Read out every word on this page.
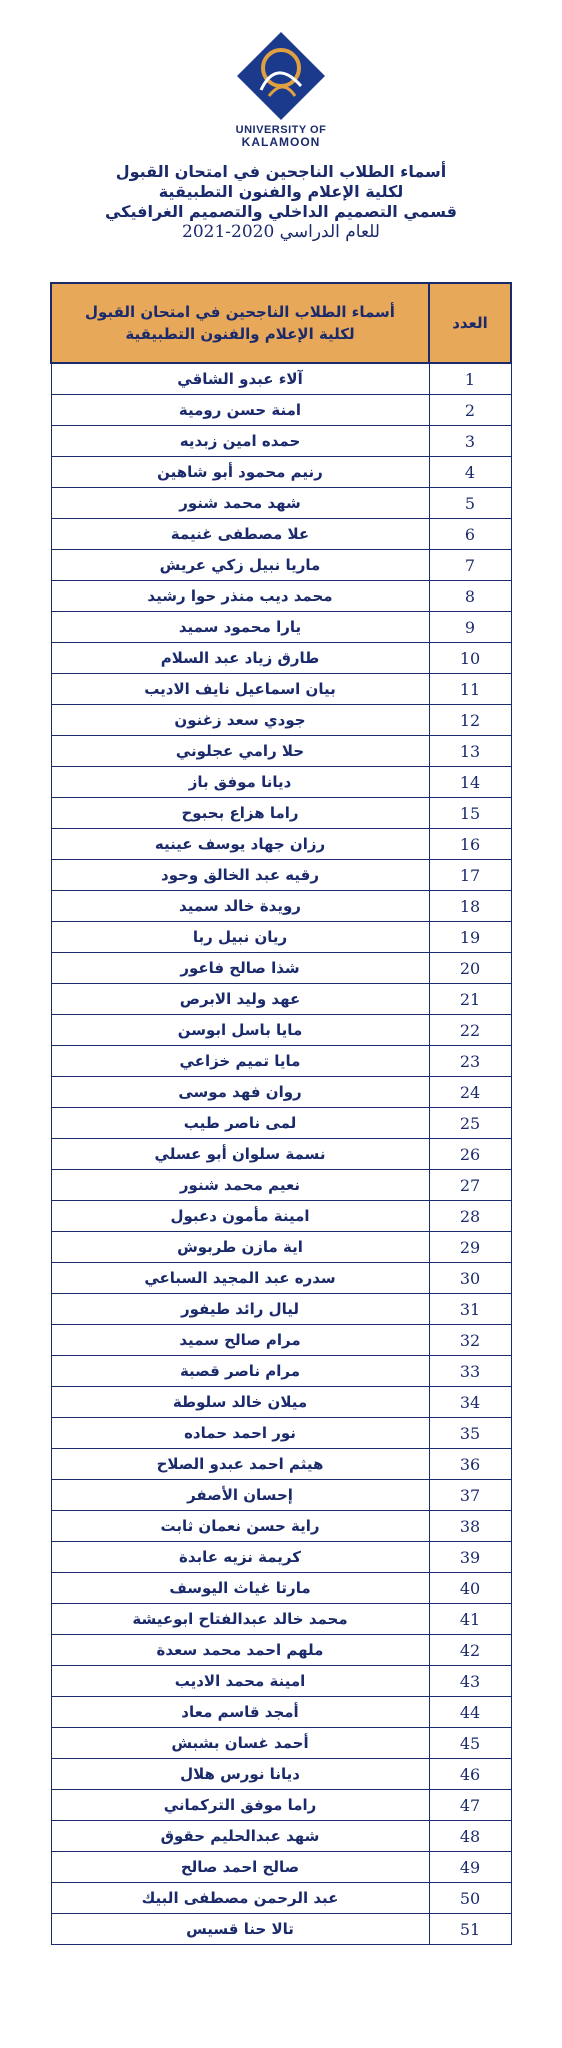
UNIVERSITY OF
KALAMOON
أسماء الطلاب الناجحين في امتحان القبول
لكلية الإعلام والفنون التطبيقية
قسمي التصميم الداخلي والتصميم الغرافيكي
للعام الدراسي 2020-2021
العدد	أسماء الطلاب الناجحين في امتحان القبول
لكلية الإعلام والفنون التطبيقية

1	آلاء عبدو الشاقي
2	امنة حسن رومية
3	حمده امين زبديه
4	رنيم محمود أبو شاهين
5	شهد محمد شنور
6	علا مصطفى غنيمة
7	ماريا نبيل زكي عريش
8	محمد ديب منذر حوا رشيد
9	يارا محمود سميد
10	طارق زياد عبد السلام
11	بيان اسماعيل نايف الاديب
12	جودي سعد زغنون
13	حلا رامي عجلوني
14	ديانا موفق باز
15	راما هزاع بحبوح
16	رزان جهاد يوسف عينيه
17	رقيه عبد الخالق وحود
18	رويدة خالد سميد
19	ريان نبيل ربا
20	شذا صالح فاعور
21	عهد وليد الابرص
22	مايا باسل ابوسن
23	مايا تميم خزاعي
24	روان فهد موسى
25	لمى ناصر طيب
26	نسمة سلوان أبو عسلي
27	نعيم محمد شنور
28	امينة مأمون دعبول
29	اية مازن طربوش
30	سدره عبد المجيد السباعي
31	ليال رائد طيفور
32	مرام صالح سميد
33	مرام ناصر قصبة
34	ميلان خالد سلوطة
35	نور احمد حماده
36	هيثم احمد عبدو الصلاح
37	إحسان الأصفر
38	راية حسن نعمان ثابت
39	كريمة نزيه عابدة
40	مارتا غياث اليوسف
41	محمد خالد عبدالفتاح ابوعيشة
42	ملهم احمد محمد سعدة
43	امينة محمد الاديب
44	أمجد قاسم معاد
45	أحمد غسان بشبش
46	ديانا نورس هلال
47	راما موفق التركماني
48	شهد عبدالحليم حقوق
49	صالح احمد صالح
50	عبد الرحمن مصطفى البيك
51	تالا حنا قسيس
